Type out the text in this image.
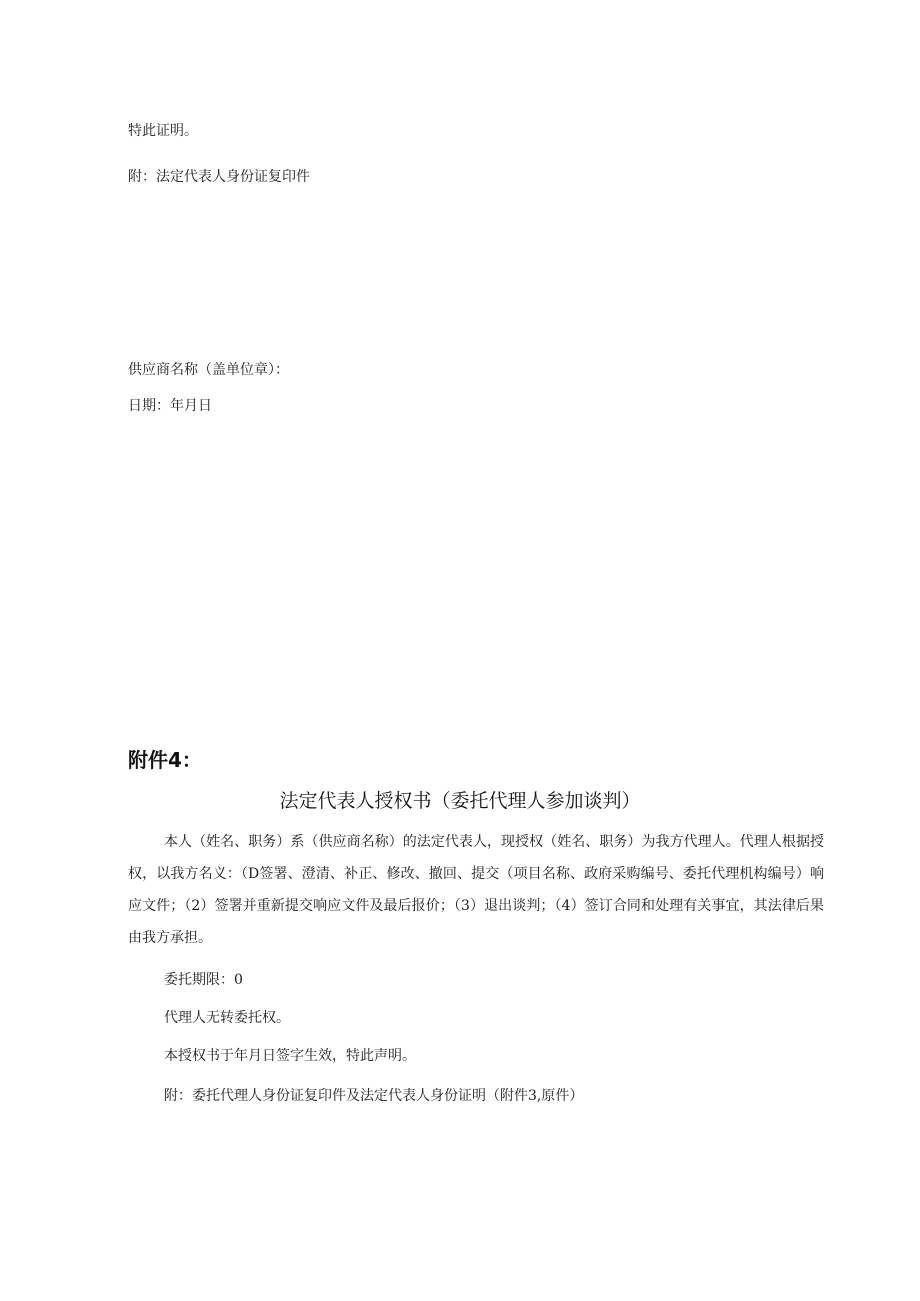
特此证明。
附：法定代表人身份证复印件
供应商名称（盖单位章）：
日期：年月日
附件4：
法定代表人授权书（委托代理人参加谈判）

本人（姓名、职务）系（供应商名称）的法定代表人，现授权（姓名、职务）为我方代理人。代理人根据授权，以我方名义：（D签署、澄清、补正、修改、撤回、提交（项目名称、政府采购编号、委托代理机构编号）响应文件；（2）签署并重新提交响应文件及最后报价；（3）退出谈判；（4）签订合同和处理有关事宜，其法律后果由我方承担。

委托期限：0
代理人无转委托权。
本授权书于年月日签字生效，特此声明。
附：委托代理人身份证复印件及法定代表人身份证明（附件3,原件）
